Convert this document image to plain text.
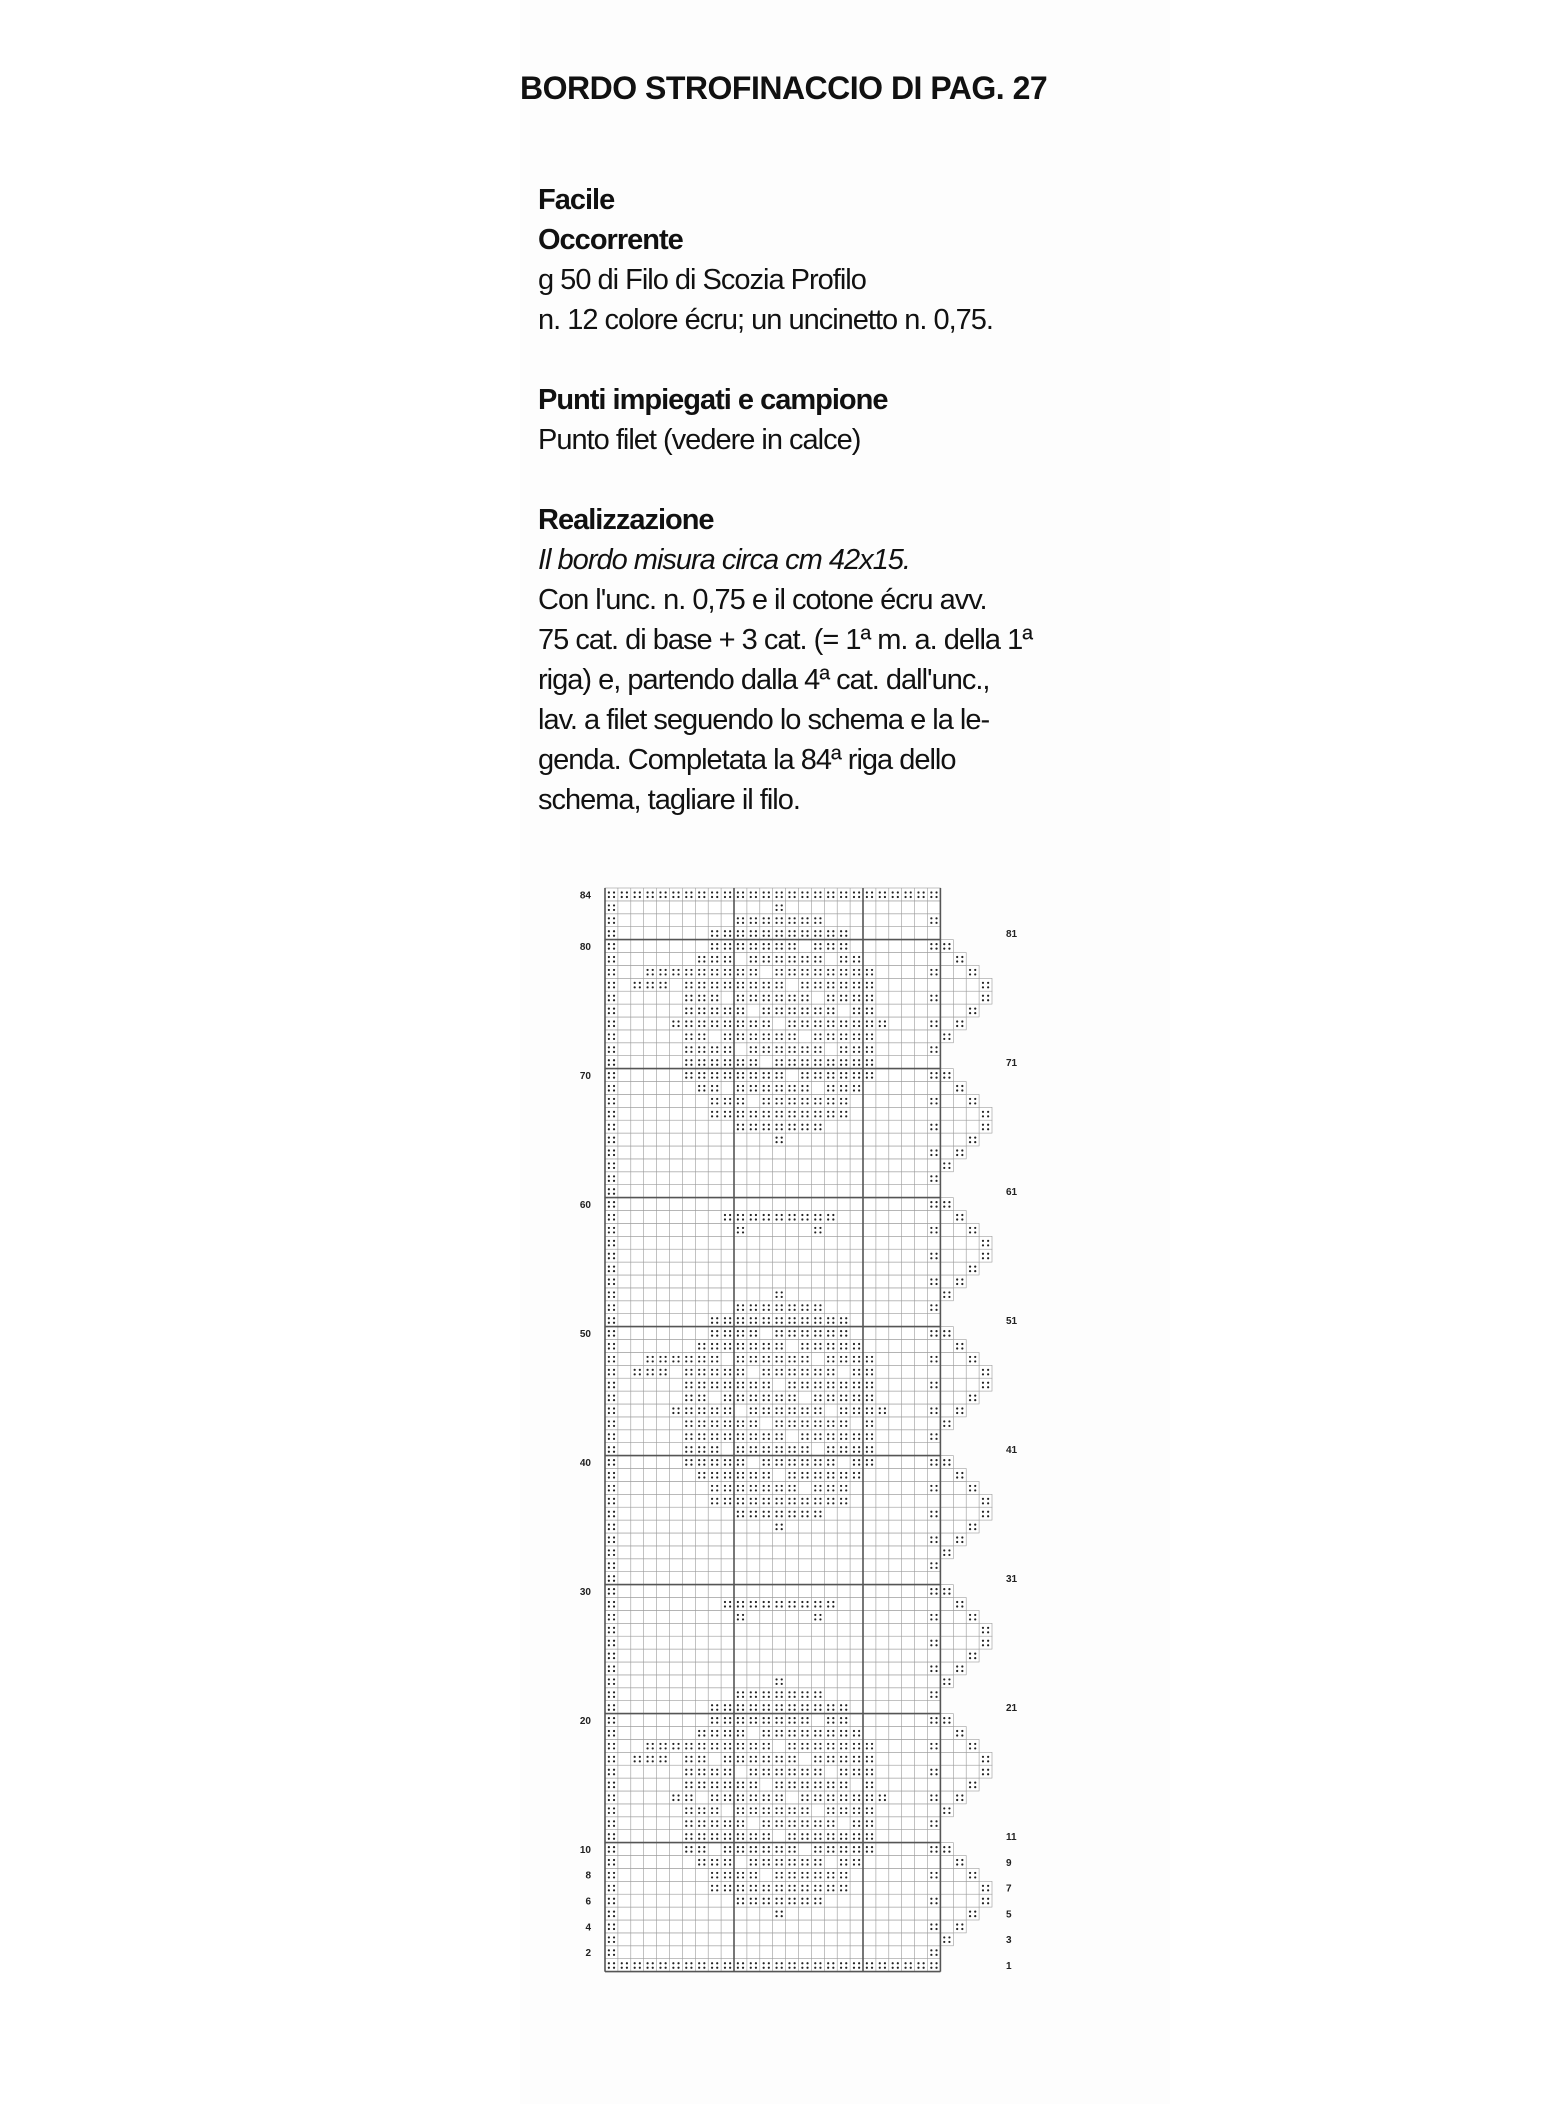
BORDO STROFINACCIO DI PAG. 27
Facile
Occorrente
g 50 di Filo di Scozia Profilo
n. 12 colore écru; un uncinetto n. 0,75.
Punti impiegati e campione
Punto filet (vedere in calce)
Realizzazione
Il bordo misura circa cm 42x15.
Con l'unc. n. 0,75 e il cotone écru avv.
75 cat. di base + 3 cat. (= 1ª m. a. della 1ª
riga) e, partendo dalla 4ª cat. dall'unc.,
lav. a filet seguendo lo schema e la le-
genda. Completata la 84ª riga dello
schema, tagliare il filo.
84
80
70
60
50
40
30
20
10
8
6
4
2
81
71
61
51
41
31
21
11
9
7
5
3
1
